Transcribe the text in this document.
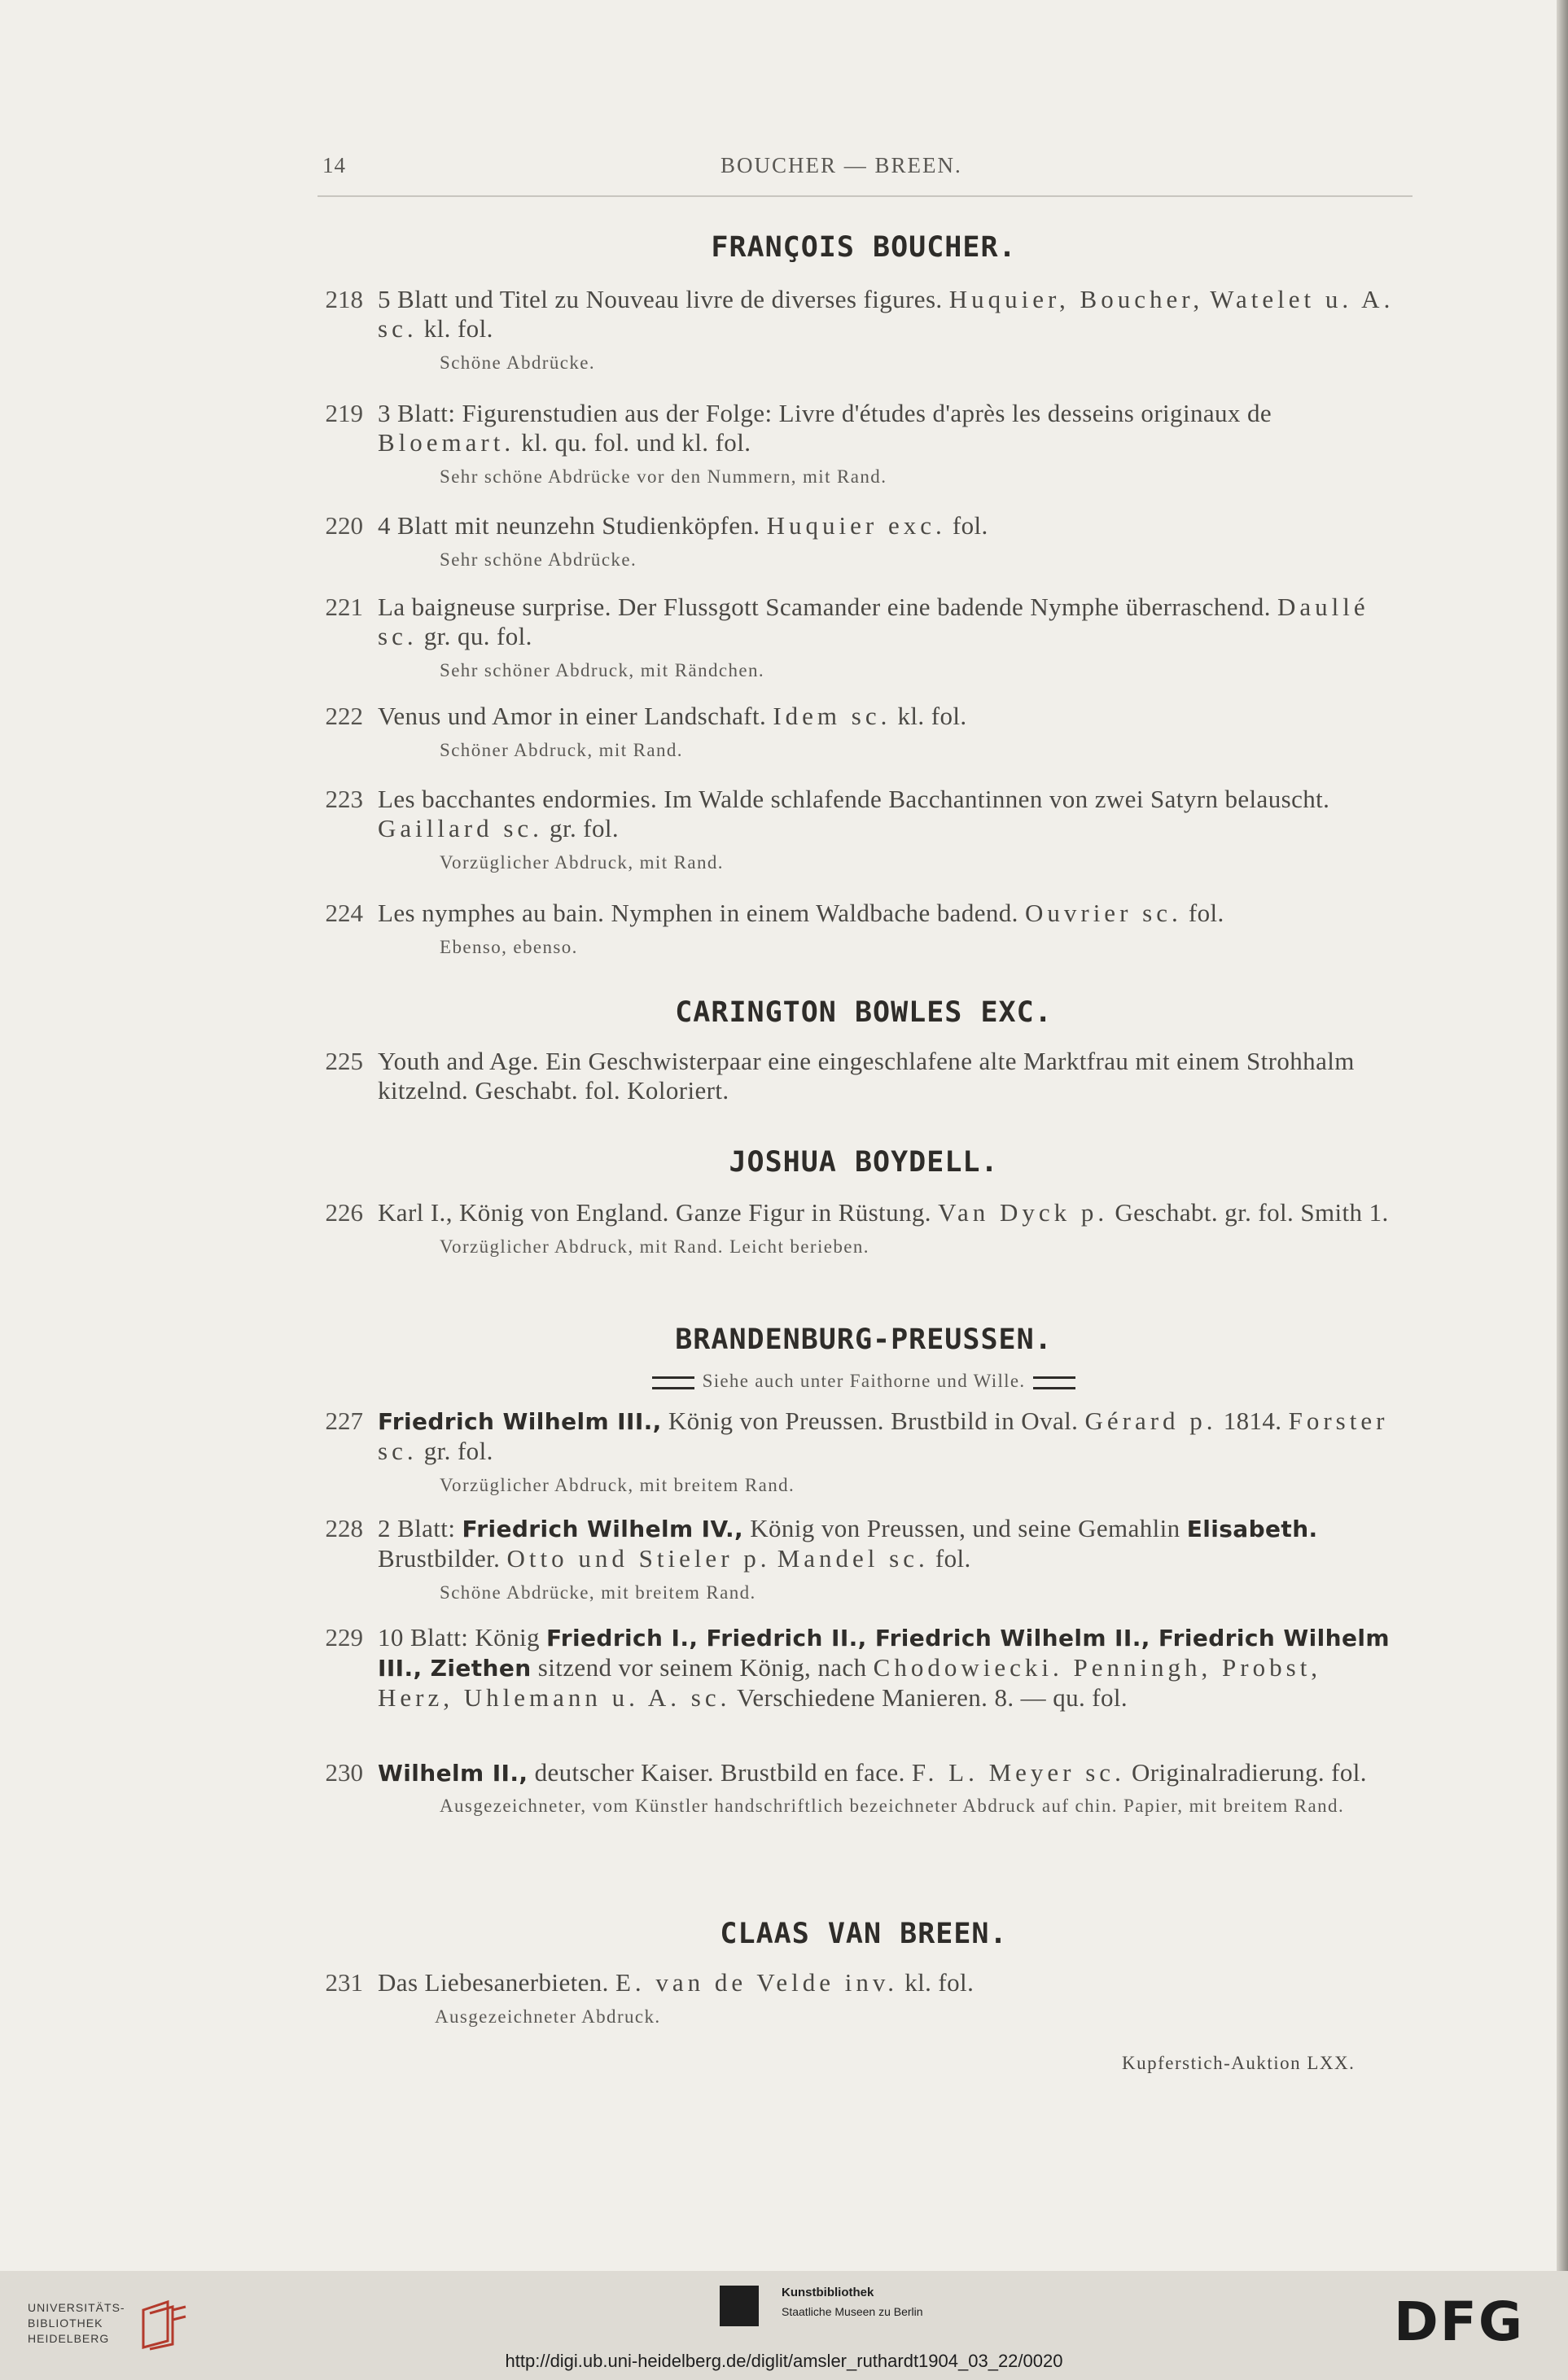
14	BOUCHER — BREEN.
FRANÇOIS BOUCHER.
218 5 Blatt und Titel zu Nouveau livre de diverses figures. Huquier, Boucher, Watelet u. A. sc. kl. fol.
Schöne Abdrücke.
219 3 Blatt: Figurenstudien aus der Folge: Livre d'études d'après les desseins originaux de Bloemart. kl. qu. fol. und kl. fol.
Sehr schöne Abdrücke vor den Nummern, mit Rand.
220 4 Blatt mit neunzehn Studienköpfen. Huquier exc. fol.
Sehr schöne Abdrücke.
221 La baigneuse surprise. Der Flussgott Scamander eine badende Nymphe überraschend. Daullé sc. gr. qu. fol.
Sehr schöner Abdruck, mit Rändchen.
222 Venus und Amor in einer Landschaft. Idem sc. kl. fol.
Schöner Abdruck, mit Rand.
223 Les bacchantes endormies. Im Walde schlafende Bacchantinnen von zwei Satyrn belauscht. Gaillard sc. gr. fol.
Vorzüglicher Abdruck, mit Rand.
224 Les nymphes au bain. Nymphen in einem Waldbache badend. Ouvrier sc. fol.
Ebenso, ebenso.
CARINGTON BOWLES EXC.
225 Youth and Age. Ein Geschwisterpaar eine eingeschlafene alte Marktfrau mit einem Strohhalm kitzelnd. Geschabt. fol. Koloriert.
JOSHUA BOYDELL.
226 Karl I., König von England. Ganze Figur in Rüstung. Van Dyck p. Geschabt. gr. fol. Smith 1.
Vorzüglicher Abdruck, mit Rand. Leicht berieben.
BRANDENBURG-PREUSSEN.
Siehe auch unter Faithorne und Wille.
227 Friedrich Wilhelm III., König von Preussen. Brustbild in Oval. Gérard p. 1814. Forster sc. gr. fol.
Vorzüglicher Abdruck, mit breitem Rand.
228 2 Blatt: Friedrich Wilhelm IV., König von Preussen, und seine Gemahlin Elisabeth. Brustbilder. Otto und Stieler p. Mandel sc. fol.
Schöne Abdrücke, mit breitem Rand.
229 10 Blatt: König Friedrich I., Friedrich II., Friedrich Wilhelm II., Friedrich Wilhelm III., Ziethen sitzend vor seinem König, nach Chodowiecki. Penningh, Probst, Herz, Uhlemann u. A. sc. Verschiedene Manieren. 8. — qu. fol.
230 Wilhelm II., deutscher Kaiser. Brustbild en face. F. L. Meyer sc. Originalradierung. fol.
Ausgezeichneter, vom Künstler handschriftlich bezeichneter Abdruck auf chin. Papier, mit breitem Rand.
CLAAS VAN BREEN.
231 Das Liebesanerbieten. E. van de Velde inv. kl. fol.
Ausgezeichneter Abdruck.
Kupferstich-Auktion LXX.
UNIVERSITÄTS-
BIBLIOTHEK
HEIDELBERG
Kunstbibliothek
Staatliche Museen zu Berlin	DFG
http://digi.ub.uni-heidelberg.de/diglit/amsler_ruthardt1904_03_22/0020
